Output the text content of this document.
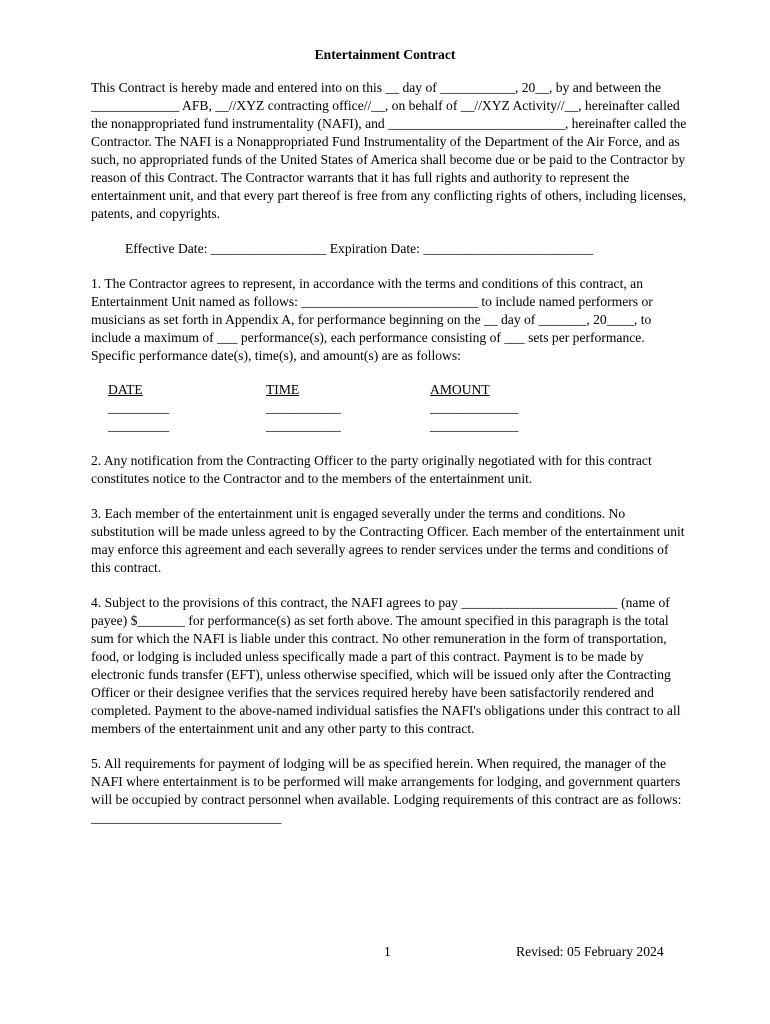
Entertainment Contract

This Contract is hereby made and entered into on this __ day of ___________, 20__, by and between the _____________ AFB, __//XYZ contracting office//__, on behalf of __//XYZ Activity//__, hereinafter called the nonappropriated fund instrumentality (NAFI), and __________________________, hereinafter called the Contractor. The NAFI is a Nonappropriated Fund Instrumentality of the Department of the Air Force, and as such, no appropriated funds of the United States of America shall become due or be paid to the Contractor by reason of this Contract. The Contractor warrants that it has full rights and authority to represent the entertainment unit, and that every part thereof is free from any conflicting rights of others, including licenses, patents, and copyrights.

Effective Date: _________________ Expiration Date: _________________________

1. The Contractor agrees to represent, in accordance with the terms and conditions of this contract, an Entertainment Unit named as follows: __________________________ to include named performers or musicians as set forth in Appendix A, for performance beginning on the __ day of _______, 20____, to include a maximum of ___ performance(s), each performance consisting of ___ sets per performance. Specific performance date(s), time(s), and amount(s) are as follows:

DATE
_________
_________
TIME
___________
___________
AMOUNT
_____________
_____________

2. Any notification from the Contracting Officer to the party originally negotiated with for this contract constitutes notice to the Contractor and to the members of the entertainment unit.

3. Each member of the entertainment unit is engaged severally under the terms and conditions. No substitution will be made unless agreed to by the Contracting Officer. Each member of the entertainment unit may enforce this agreement and each severally agrees to render services under the terms and conditions of this contract.

4. Subject to the provisions of this contract, the NAFI agrees to pay _______________________ (name of payee) $_______ for performance(s) as set forth above. The amount specified in this paragraph is the total sum for which the NAFI is liable under this contract. No other remuneration in the form of transportation, food, or lodging is included unless specifically made a part of this contract. Payment is to be made by electronic funds transfer (EFT), unless otherwise specified, which will be issued only after the Contracting Officer or their designee verifies that the services required hereby have been satisfactorily rendered and completed. Payment to the above-named individual satisfies the NAFI's obligations under this contract to all members of the entertainment unit and any other party to this contract.

5. All requirements for payment of lodging will be as specified herein. When required, the manager of the NAFI where entertainment is to be performed will make arrangements for lodging, and government quarters will be occupied by contract personnel when available. Lodging requirements of this contract are as follows: ____________________________

1	Revised: 05 February 2024
